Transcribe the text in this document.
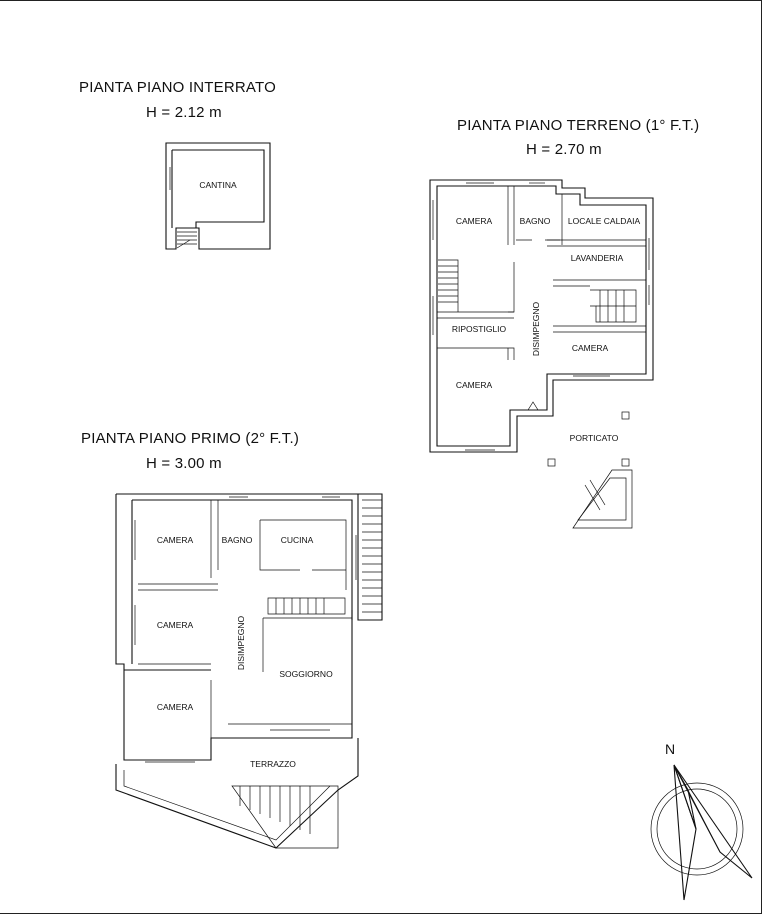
PIANTA PIANO INTERRATO
H = 2.12 m
PIANTA PIANO TERRENO (1° F.T.)
H = 2.70 m
PIANTA PIANO PRIMO (2° F.T.)
H = 3.00 m
CANTINA
CAMERA	BAGNO LOCALE CALDAIA
LAVANDERIA
RIPOSTIGLIO	DISIMPEGNO	CAMERA
CAMERA
PORTICATO
CAMERA	BAGNO	CUCINA
CAMERA	DISIMPEGNO
SOGGIORNO
CAMERA
TERRAZZO
N
